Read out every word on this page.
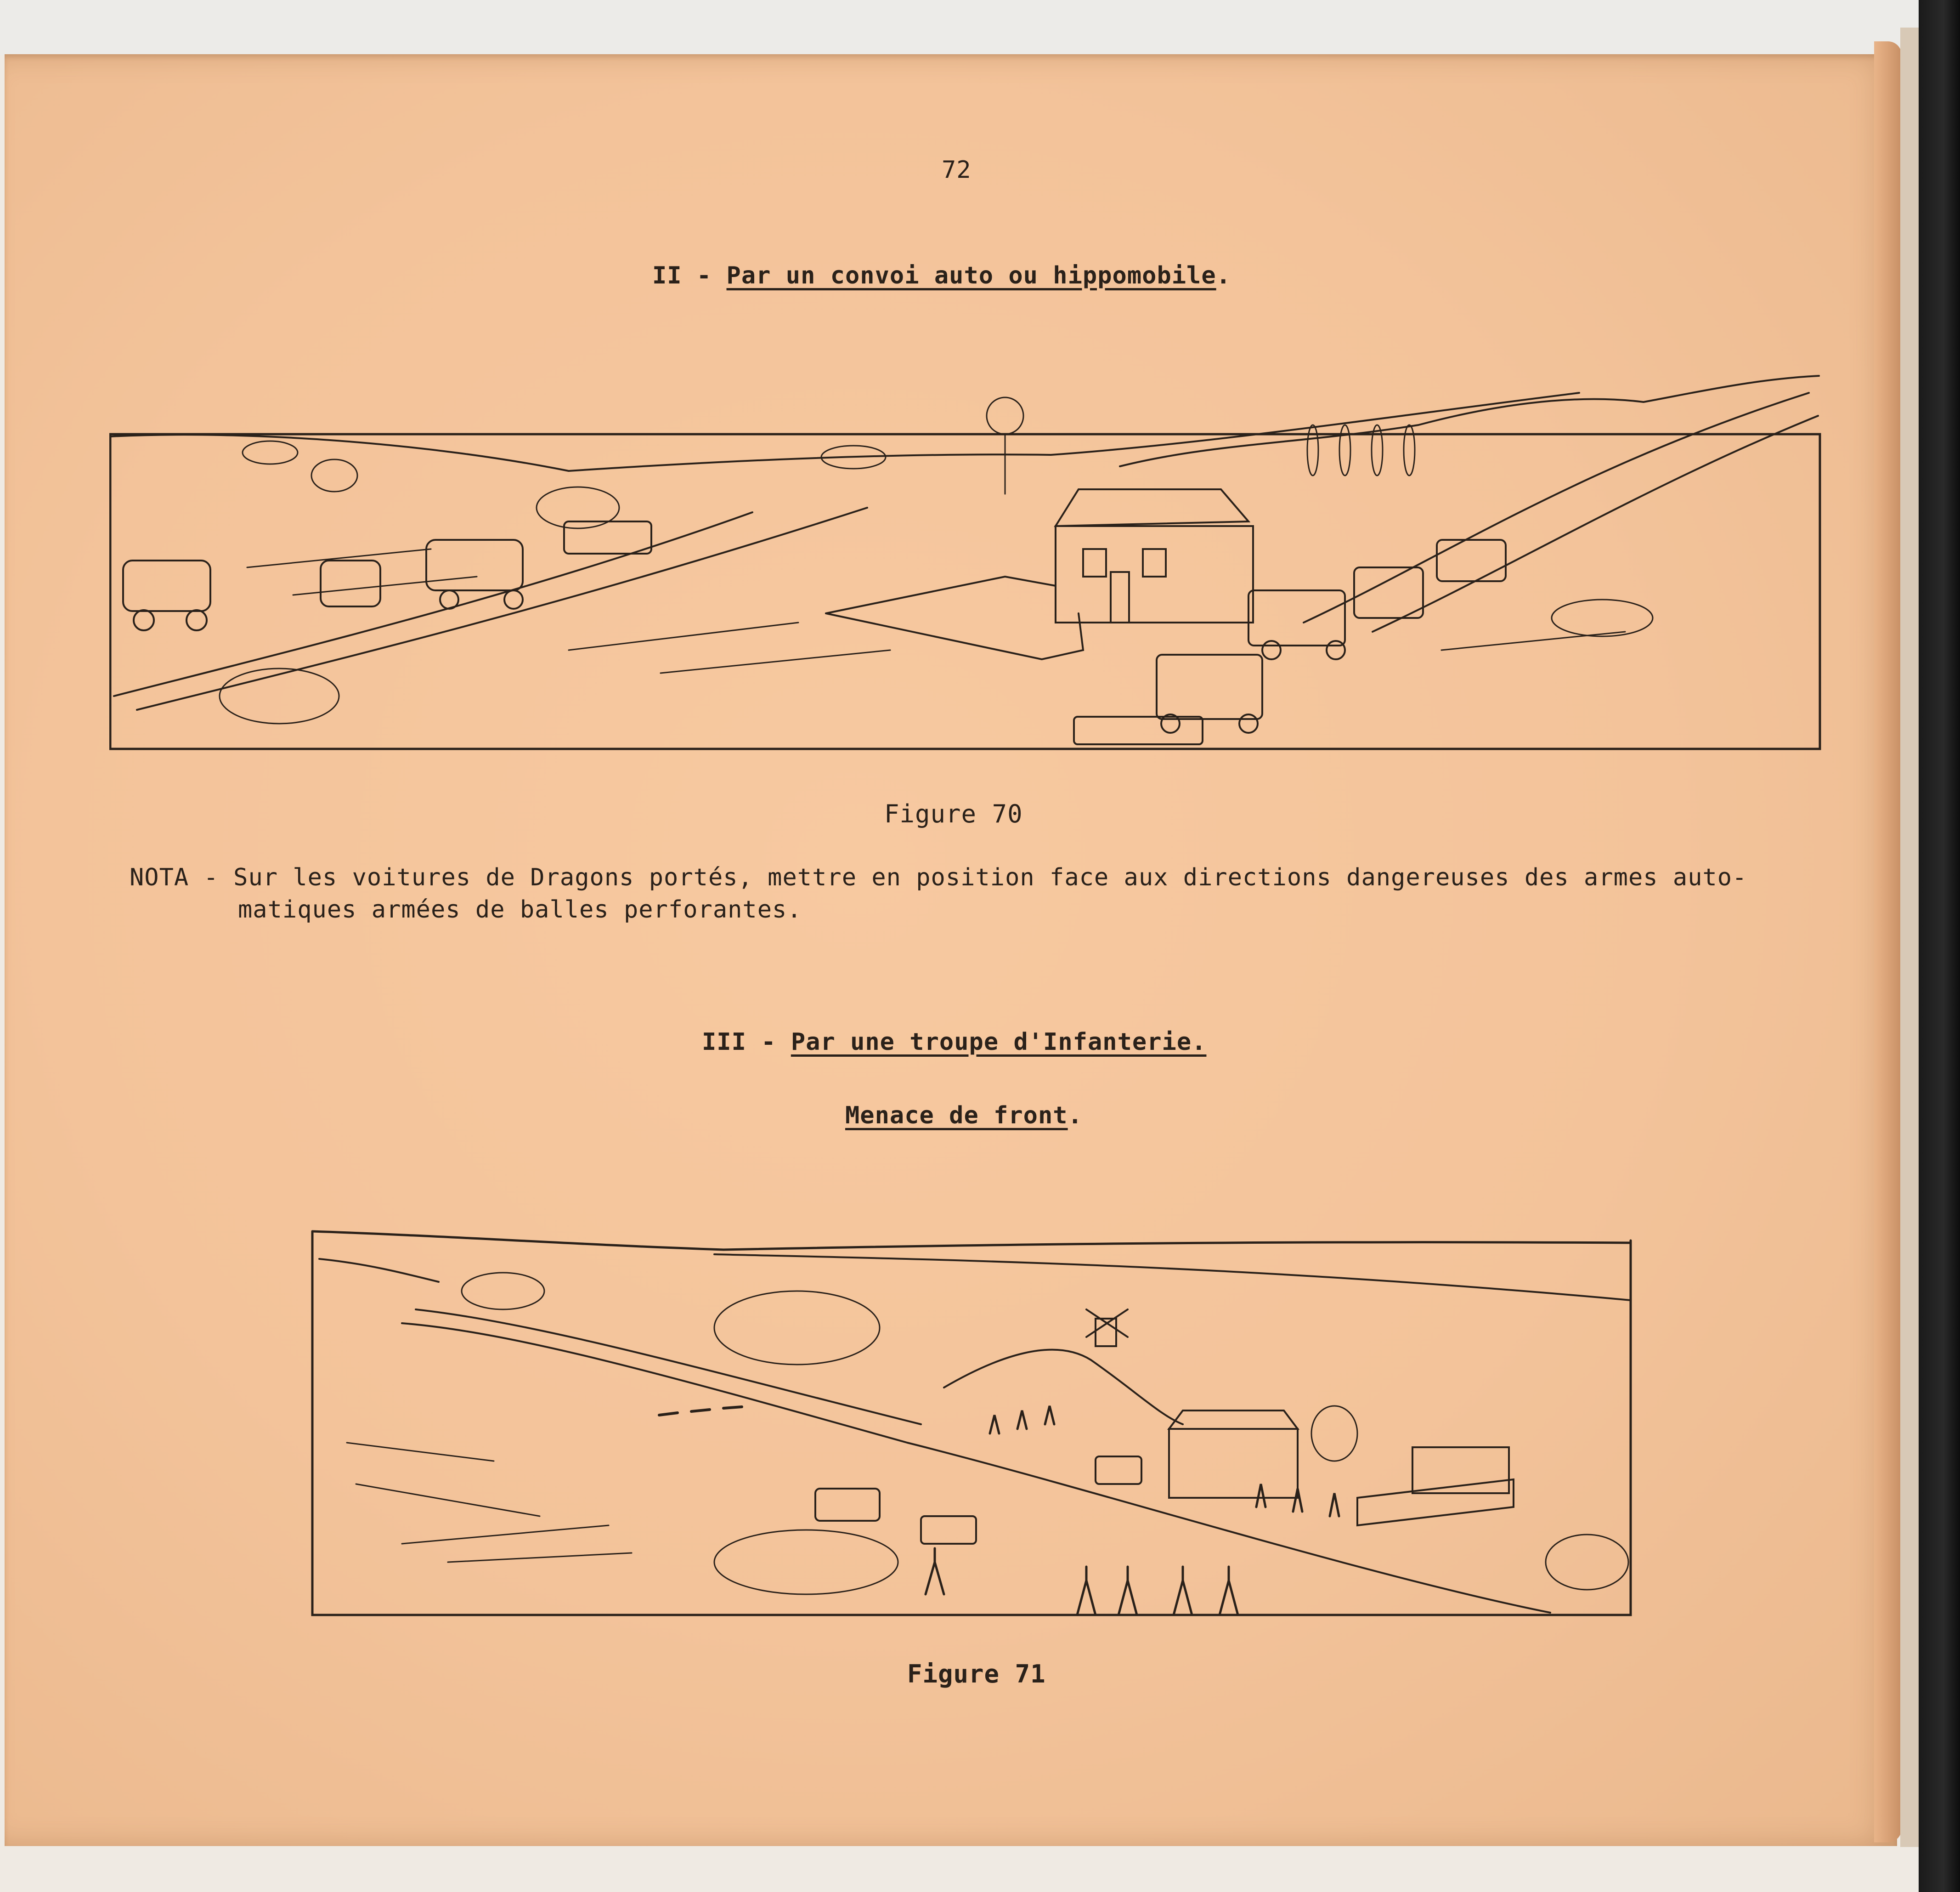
72
II - Par un convoi auto ou hippomobile.
Figure 70
NOTA - Sur les voitures de Dragons portés, mettre en position face aux directions dangereuses des armes auto-
matiques armées de balles perforantes.
III - Par une troupe d'Infanterie.
Menace de front.
Figure 71
